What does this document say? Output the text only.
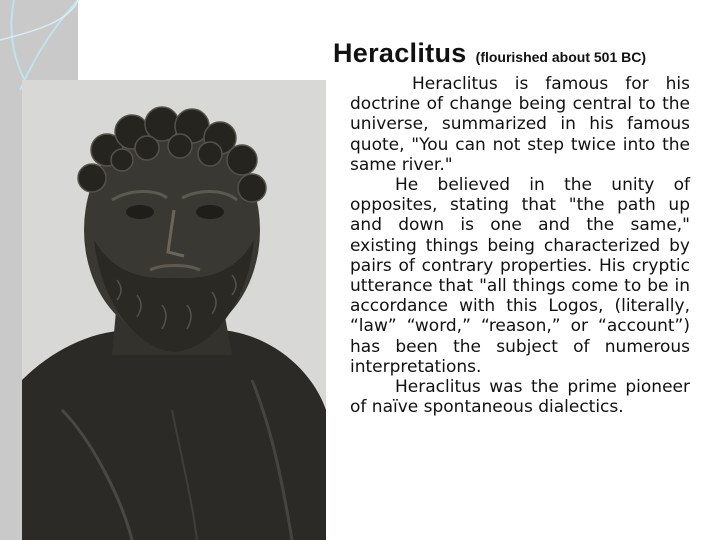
Heraclitus (flourished about 501 BC)

Heraclitus is famous for his doctrine of change being central to the universe, summarized in his famous quote, "You can not step twice into the same river."

He believed in the unity of opposites, stating that "the path up and down is one and the same," existing things being characterized by pairs of contrary properties. His cryptic utterance that "all things come to be in accordance with this Logos, (literally, “law” “word,” “reason,” or “account”) has been the subject of numerous interpretations.

Heraclitus was the prime pioneer of naïve spontaneous dialectics.
